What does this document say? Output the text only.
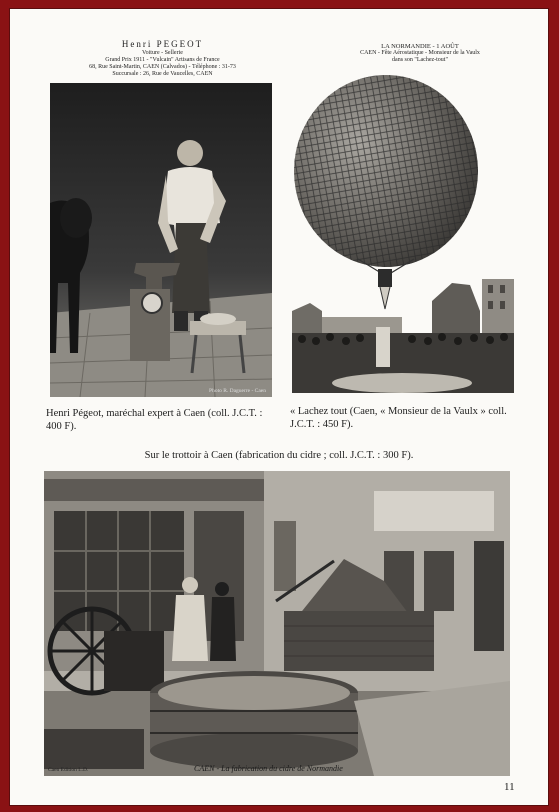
Henri PEGEOT
Voiture - Sellerie
Grand Prix 1911 - "Vulcain" Artisans de France
68, Rue Saint-Martin, CAEN (Calvados) - Téléphone : 31-73
Succursale : 26, Rue de Vaucelles, CAEN
Photo R. Daguerre - Caen
LA NORMANDIE - 1 AOÛT
CAEN - Fête Aérostatique - Monsieur de la Vaulx
dans son "Lachez-tout"
Henri Pégeot, maréchal expert à Caen (coll. J.C.T. : 400 F).
« Lachez tout (Caen, « Monsieur de la Vaulx » coll. J.C.T. : 450 F).
Sur le trottoir à Caen (fabrication du cidre ; coll. J.C.T. : 300 F).
Caen Edition L.D.	CAEN - La fabrication du cidre de Normandie
11
